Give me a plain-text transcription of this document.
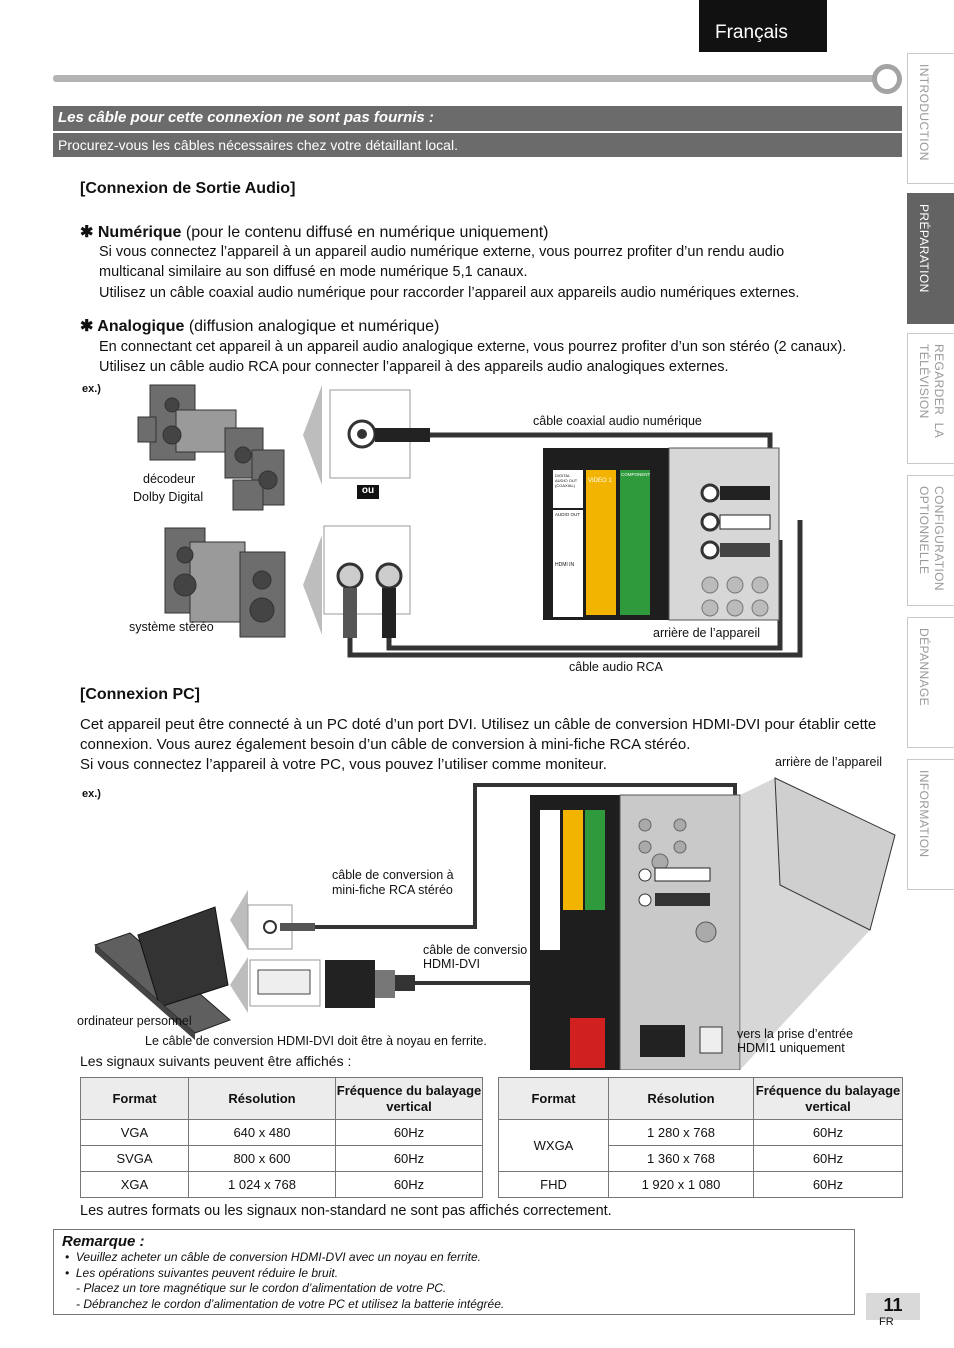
Français
INTRODUCTION
PRÉPARATION
REGARDER  LA
TÉLÉVISION
CONFIGURATION
OPTIONNELLE
DÉPANNAGE
INFORMATION
Les câble pour cette connexion ne sont pas fournis :
Procurez-vous les câbles nécessaires chez votre détaillant local.
[Connexion de Sortie Audio]
✱ Numérique (pour le contenu diffusé en numérique uniquement)
Si vous connectez l’appareil à un appareil audio numérique externe, vous pourrez profiter d’un rendu audio
multicanal similaire au son diffusé en mode numérique 5,1 canaux.
Utilisez un câble coaxial audio numérique pour raccorder l’appareil aux appareils audio numériques externes.
✱ Analogique (diffusion analogique et numérique)
En connectant cet appareil à un appareil audio analogique externe, vous pourrez profiter d’un son stéréo (2 canaux).
Utilisez un câble audio RCA pour connecter l’appareil à des appareils audio analogiques externes.
ex.)
décodeur
Dolby Digital	ou
système stéréo
câble coaxial audio numérique
arrière de l’appareil
câble audio RCA
DIGITAL AUDIO OUT (COAXIAL)
AUDIO OUT
VIDEO 1
COMPONENT
HDMI IN
[Connexion PC]
Cet appareil peut être connecté à un PC doté d’un port DVI. Utilisez un câble de conversion HDMI-DVI pour établir cette
connexion. Vous aurez également besoin d’un câble de conversion à mini-fiche RCA stéréo.
Si vous connectez l’appareil à votre PC, vous pouvez l’utiliser comme moniteur.
ex.)
arrière de l’appareil
câble de conversion à
mini-fiche RCA stéréo
câble de conversio
HDMI-DVI
ordinateur personnel
Le câble de conversion HDMI-DVI doit être à noyau en ferrite.	vers la prise d’entrée
HDMI1 uniquement
Les signaux suivants peuvent être affichés :
Format	Résolution	Fréquence du balayage vertical
VGA	640 x 480	60Hz
SVGA	800 x 600	60Hz
XGA	1 024 x 768	60Hz
Format	Résolution	Fréquence du balayage vertical
WXGA	1 280 x 768	60Hz
	1 360 x 768	60Hz
FHD	1 920 x 1 080	60Hz
Les autres formats ou les signaux non-standard ne sont pas affichés correctement.
Remarque :
•  Veuillez acheter un câble de conversion HDMI-DVI avec un noyau en ferrite.
•  Les opérations suivantes peuvent réduire le bruit.
- Placez un tore magnétique sur le cordon d’alimentation de votre PC.
- Débranchez le cordon d’alimentation de votre PC et utilisez la batterie intégrée.	11
FR
